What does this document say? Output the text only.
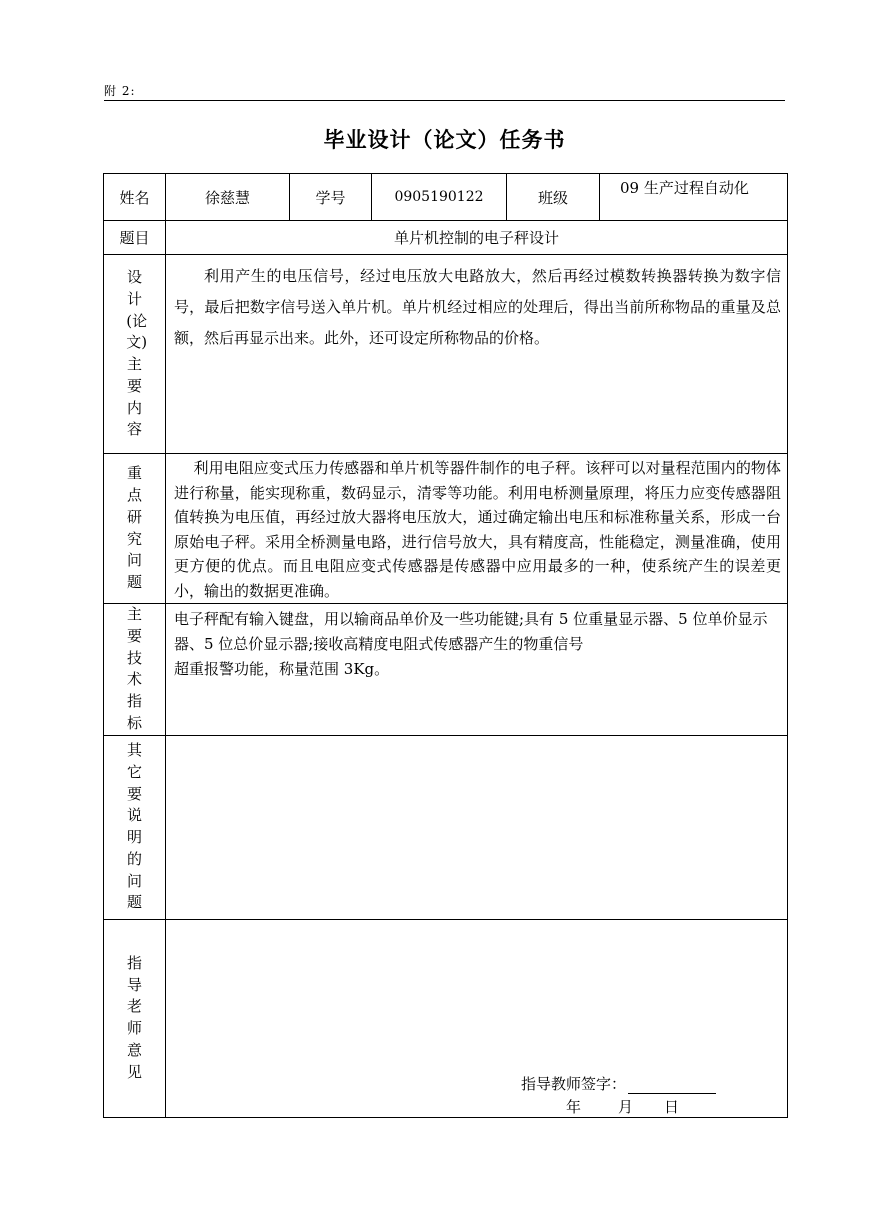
附 2:
毕业设计（论文）任务书
姓名	徐慈慧	学号	0905190122	班级	09 生产过程自动化
题目	单片机控制的电子秤设计				
设计(论文)主要内容	利用产生的电压信号，经过电压放大电路放大，然后再经过模数转换器转换为数字信号，最后把数字信号送入单片机。单片机经过相应的处理后，得出当前所称物品的重量及总额，然后再显示出来。此外，还可设定所称物品的价格。				

重点研究问题	利用电阻应变式压力传感器和单片机等器件制作的电子秤。该秤可以对量程范围内的物体进行称量，能实现称重，数码显示，清零等功能。利用电桥测量原理，将压力应变传感器阻值转换为电压值，再经过放大器将电压放大，通过确定输出电压和标准称量关系，形成一台原始电子秤。采用全桥测量电路，进行信号放大，具有精度高，性能稳定，测量准确，使用更方便的优点。而且电阻应变式传感器是传感器中应用最多的一种，使系统产生的误差更小，输出的数据更准确。				

主要技术指标	电子秤配有输入键盘，用以输商品单价及一些功能键;具有 5 位重量显示器、5 位单价显示器、5 位总价显示器;接收高精度电阻式传感器产生的物重信号

超重报警功能，称量范围 3Kg。				

其它要说明的问题					

指导老师意见	指导教师签字：
年 月 日				
